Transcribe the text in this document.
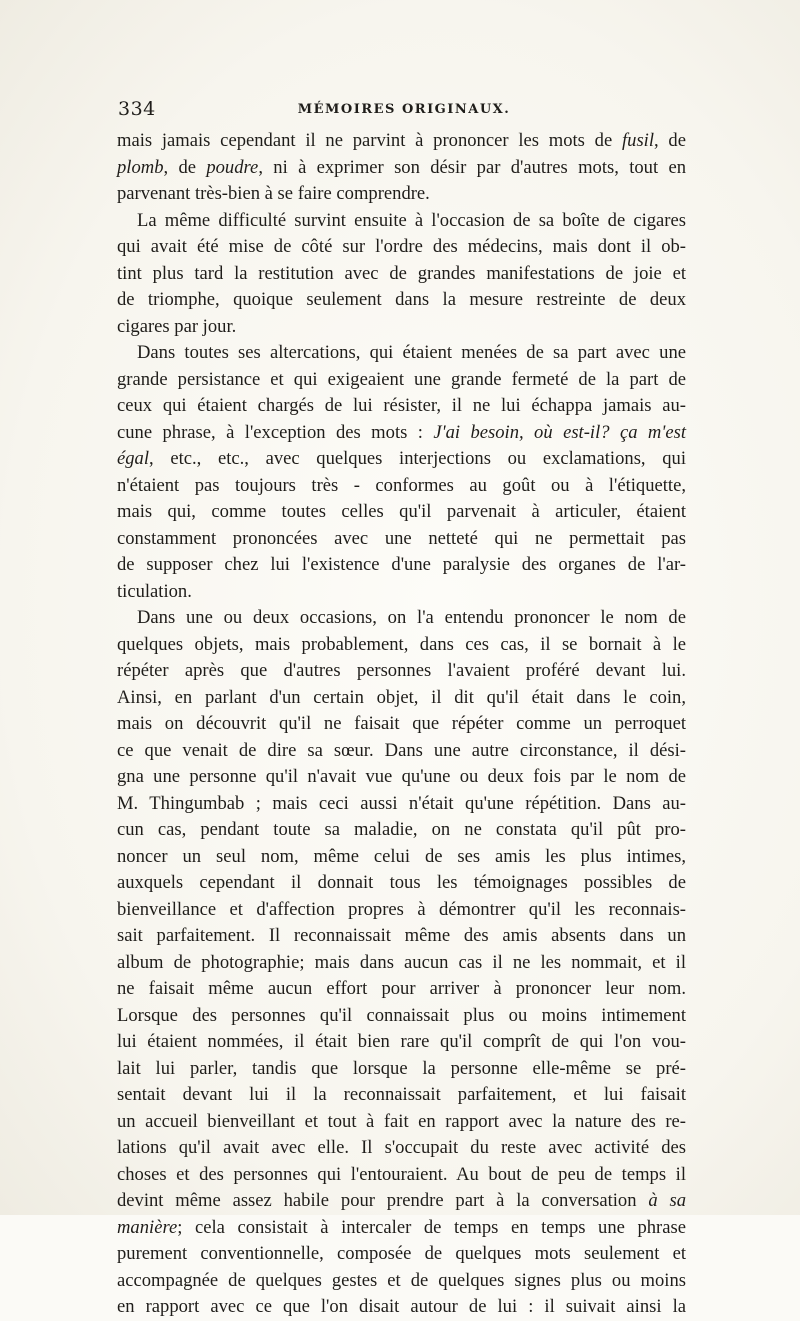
334	MÉMOIRES ORIGINAUX.
mais jamais cependant il ne parvint à prononcer les mots de fusil, de
plomb, de poudre, ni à exprimer son désir par d'autres mots, tout en
parvenant très-bien à se faire comprendre.
La même difficulté survint ensuite à l'occasion de sa boîte de cigares
qui avait été mise de côté sur l'ordre des médecins, mais dont il ob-
tint plus tard la restitution avec de grandes manifestations de joie et
de triomphe, quoique seulement dans la mesure restreinte de deux
cigares par jour.
Dans toutes ses altercations, qui étaient menées de sa part avec une
grande persistance et qui exigeaient une grande fermeté de la part de
ceux qui étaient chargés de lui résister, il ne lui échappa jamais au-
cune phrase, à l'exception des mots : J'ai besoin, où est-il? ça m'est
égal, etc., etc., avec quelques interjections ou exclamations, qui
n'étaient pas toujours très - conformes au goût ou à l'étiquette,
mais qui, comme toutes celles qu'il parvenait à articuler, étaient
constamment prononcées avec une netteté qui ne permettait pas
de supposer chez lui l'existence d'une paralysie des organes de l'ar-
ticulation.
Dans une ou deux occasions, on l'a entendu prononcer le nom de
quelques objets, mais probablement, dans ces cas, il se bornait à le
répéter après que d'autres personnes l'avaient proféré devant lui.
Ainsi, en parlant d'un certain objet, il dit qu'il était dans le coin,
mais on découvrit qu'il ne faisait que répéter comme un perroquet
ce que venait de dire sa sœur. Dans une autre circonstance, il dési-
gna une personne qu'il n'avait vue qu'une ou deux fois par le nom de
M. Thingumbab ; mais ceci aussi n'était qu'une répétition. Dans au-
cun cas, pendant toute sa maladie, on ne constata qu'il pût pro-
noncer un seul nom, même celui de ses amis les plus intimes,
auxquels cependant il donnait tous les témoignages possibles de
bienveillance et d'affection propres à démontrer qu'il les reconnais-
sait parfaitement. Il reconnaissait même des amis absents dans un
album de photographie; mais dans aucun cas il ne les nommait, et il
ne faisait même aucun effort pour arriver à prononcer leur nom.
Lorsque des personnes qu'il connaissait plus ou moins intimement
lui étaient nommées, il était bien rare qu'il comprît de qui l'on vou-
lait lui parler, tandis que lorsque la personne elle-même se pré-
sentait devant lui il la reconnaissait parfaitement, et lui faisait
un accueil bienveillant et tout à fait en rapport avec la nature des re-
lations qu'il avait avec elle. Il s'occupait du reste avec activité des
choses et des personnes qui l'entouraient. Au bout de peu de temps il
devint même assez habile pour prendre part à la conversation à sa
manière; cela consistait à intercaler de temps en temps une phrase
purement conventionnelle, composée de quelques mots seulement et
accompagnée de quelques gestes et de quelques signes plus ou moins
en rapport avec ce que l'on disait autour de lui : il suivait ainsi la
